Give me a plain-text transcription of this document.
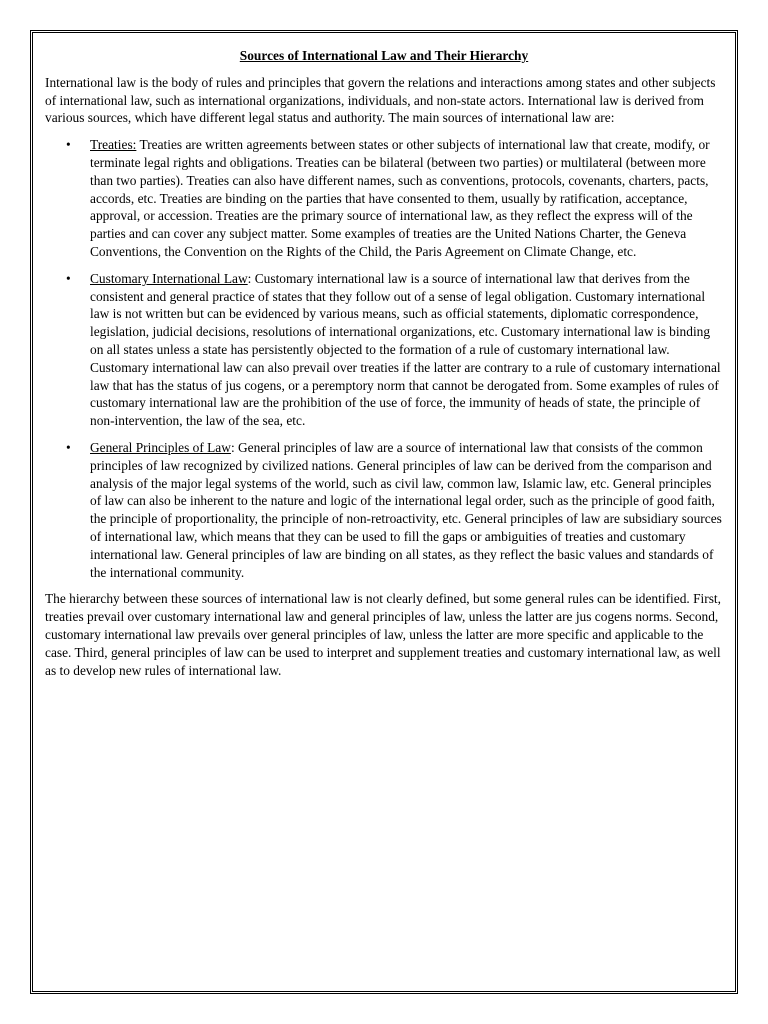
Sources of International Law and Their Hierarchy

International law is the body of rules and principles that govern the relations and interactions among states and other subjects of international law, such as international organizations, individuals, and non-state actors. International law is derived from various sources, which have different legal status and authority. The main sources of international law are:

• Treaties: Treaties are written agreements between states or other subjects of international law that create, modify, or terminate legal rights and obligations. Treaties can be bilateral (between two parties) or multilateral (between more than two parties). Treaties can also have different names, such as conventions, protocols, covenants, charters, pacts, accords, etc. Treaties are binding on the parties that have consented to them, usually by ratification, acceptance, approval, or accession. Treaties are the primary source of international law, as they reflect the express will of the parties and can cover any subject matter. Some examples of treaties are the United Nations Charter, the Geneva Conventions, the Convention on the Rights of the Child, the Paris Agreement on Climate Change, etc.
• Customary International Law: Customary international law is a source of international law that derives from the consistent and general practice of states that they follow out of a sense of legal obligation. Customary international law is not written but can be evidenced by various means, such as official statements, diplomatic correspondence, legislation, judicial decisions, resolutions of international organizations, etc. Customary international law is binding on all states unless a state has persistently objected to the formation of a rule of customary international law. Customary international law can also prevail over treaties if the latter are contrary to a rule of customary international law that has the status of jus cogens, or a peremptory norm that cannot be derogated from. Some examples of rules of customary international law are the prohibition of the use of force, the immunity of heads of state, the principle of non-intervention, the law of the sea, etc.
• General Principles of Law: General principles of law are a source of international law that consists of the common principles of law recognized by civilized nations. General principles of law can be derived from the comparison and analysis of the major legal systems of the world, such as civil law, common law, Islamic law, etc. General principles of law can also be inherent to the nature and logic of the international legal order, such as the principle of good faith, the principle of proportionality, the principle of non-retroactivity, etc. General principles of law are subsidiary sources of international law, which means that they can be used to fill the gaps or ambiguities of treaties and customary international law. General principles of law are binding on all states, as they reflect the basic values and standards of the international community.

The hierarchy between these sources of international law is not clearly defined, but some general rules can be identified. First, treaties prevail over customary international law and general principles of law, unless the latter are jus cogens norms. Second, customary international law prevails over general principles of law, unless the latter are more specific and applicable to the case. Third, general principles of law can be used to interpret and supplement treaties and customary international law, as well as to develop new rules of international law.
